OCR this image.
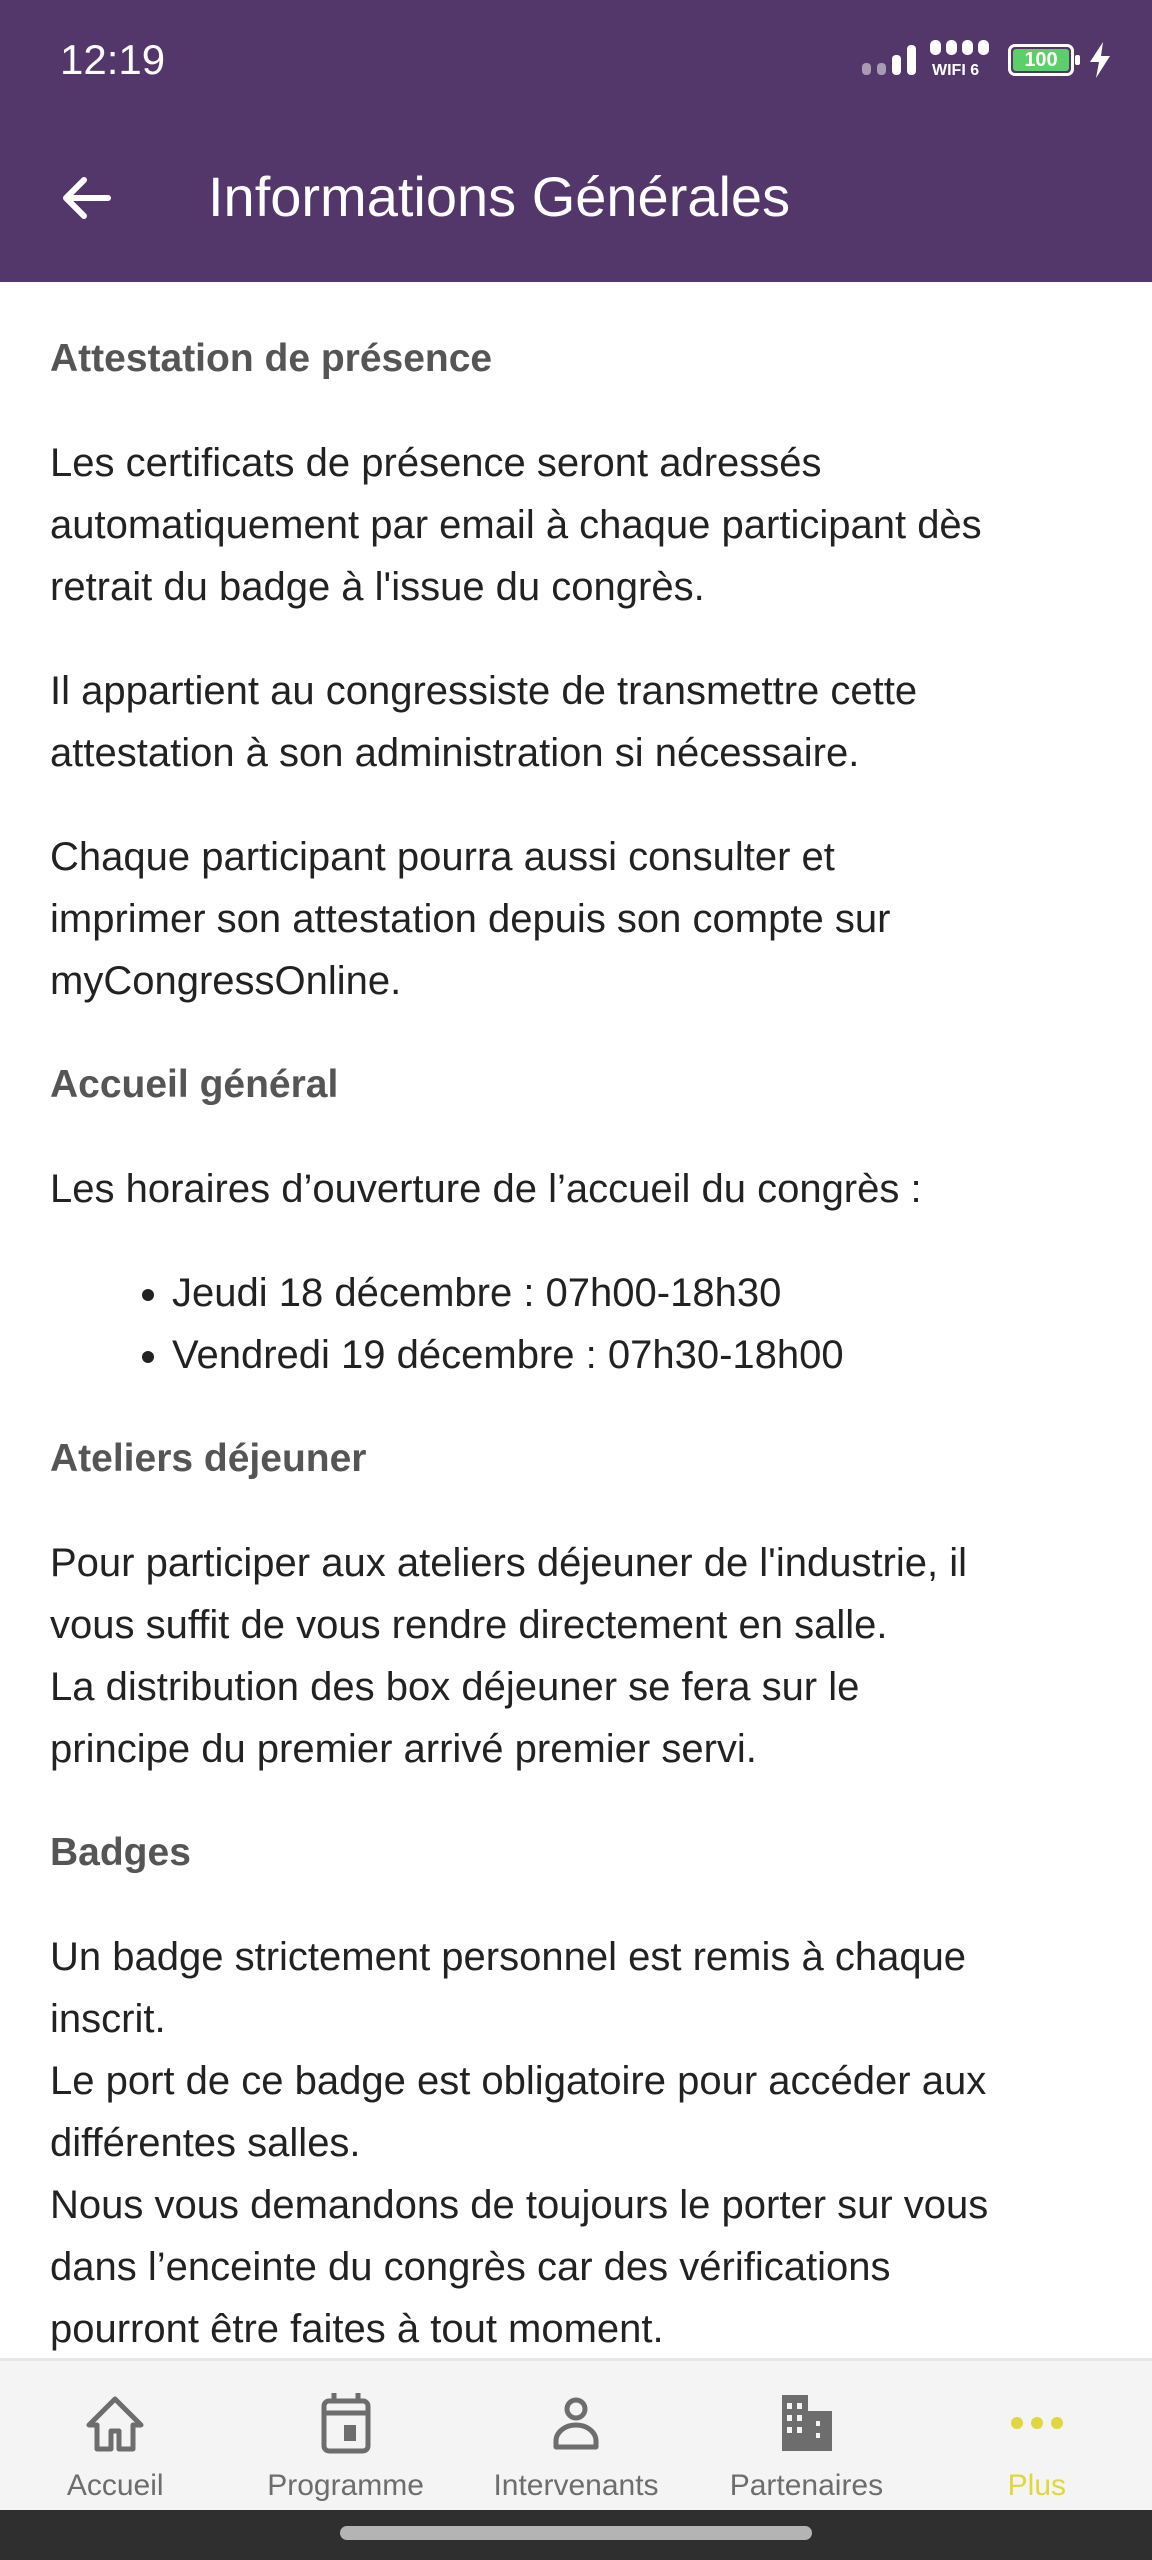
12:19	WIFI 6	100
Informations Générales
Attestation de présence
Les certificats de présence seront adressés
automatiquement par email à chaque participant dès
retrait du badge à l'issue du congrès.
Il appartient au congressiste de transmettre cette
attestation à son administration si nécessaire.
Chaque participant pourra aussi consulter et
imprimer son attestation depuis son compte sur
myCongressOnline.
Accueil général
Les horaires d’ouverture de l’accueil du congrès :
• Jeudi 18 décembre : 07h00-18h30
• Vendredi 19 décembre : 07h30-18h00
Ateliers déjeuner
Pour participer aux ateliers déjeuner de l'industrie, il
vous suffit de vous rendre directement en salle.
La distribution des box déjeuner se fera sur le
principe du premier arrivé premier servi.
Badges
Un badge strictement personnel est remis à chaque
inscrit.
Le port de ce badge est obligatoire pour accéder aux
différentes salles.
Nous vous demandons de toujours le porter sur vous
dans l’enceinte du congrès car des vérifications
pourront être faites à tout moment.
Accueil	Programme Intervenants Partenaires	Plus
